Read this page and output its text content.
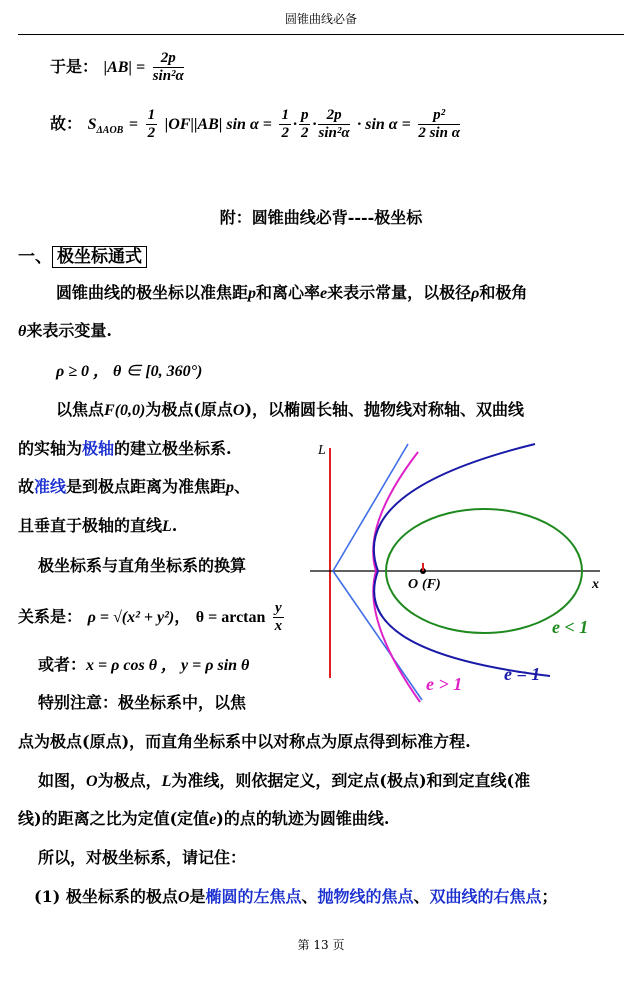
圆锥曲线必备
于是： $|AB| = \frac{2p}{\text{sin²α}}$
故： $S_{\Delta AOB} = \frac{1}{2} |OF||AB|$ $\sin \alpha = \frac{1}{2} \cdot \frac{p}{2} \cdot \frac{2p}{\text{sin²α}} \cdot \sin \alpha = \frac{\text{p²}}{\text{2 sin α}}$
附：圆锥曲线必背----极坐标
一、 极坐标通式
圆锥曲线的极坐标以准焦距p和离心率e来表示常量，以极径ρ和极角
θ来表示变量.
ρ ≥ 0 ， θ ∈ [0, 360°)
以焦点F(0,0)为极点(原点O)，以椭圆长轴、抛物线对称轴、双曲线
的实轴为极轴的建立极坐标系.
故准线是到极点距离为准焦距p、
且垂直于极轴的直线L.
极坐标系与直角坐标系的换算
关系是： ρ = √(x² + y²)， $\theta = \arctan \frac{y}{x}$
或者：x = ρ cos θ ， y = ρ sin θ
特别注意：极坐标系中，以焦
点为极点(原点)，而直角坐标系中以对称点为原点得到标准方程.
如图，O为极点，L为准线，则依据定义，到定点(极点)和到定直线(准
线)的距离之比为定值(定值e)的点的轨迹为圆锥曲线.
所以，对极坐标系，请记住：
(1) 极坐标系的极点O是椭圆的左焦点、抛物线的焦点、双曲线的右焦点；
L
x
O (F)
e < 1
e = 1
e > 1
第 13 页
